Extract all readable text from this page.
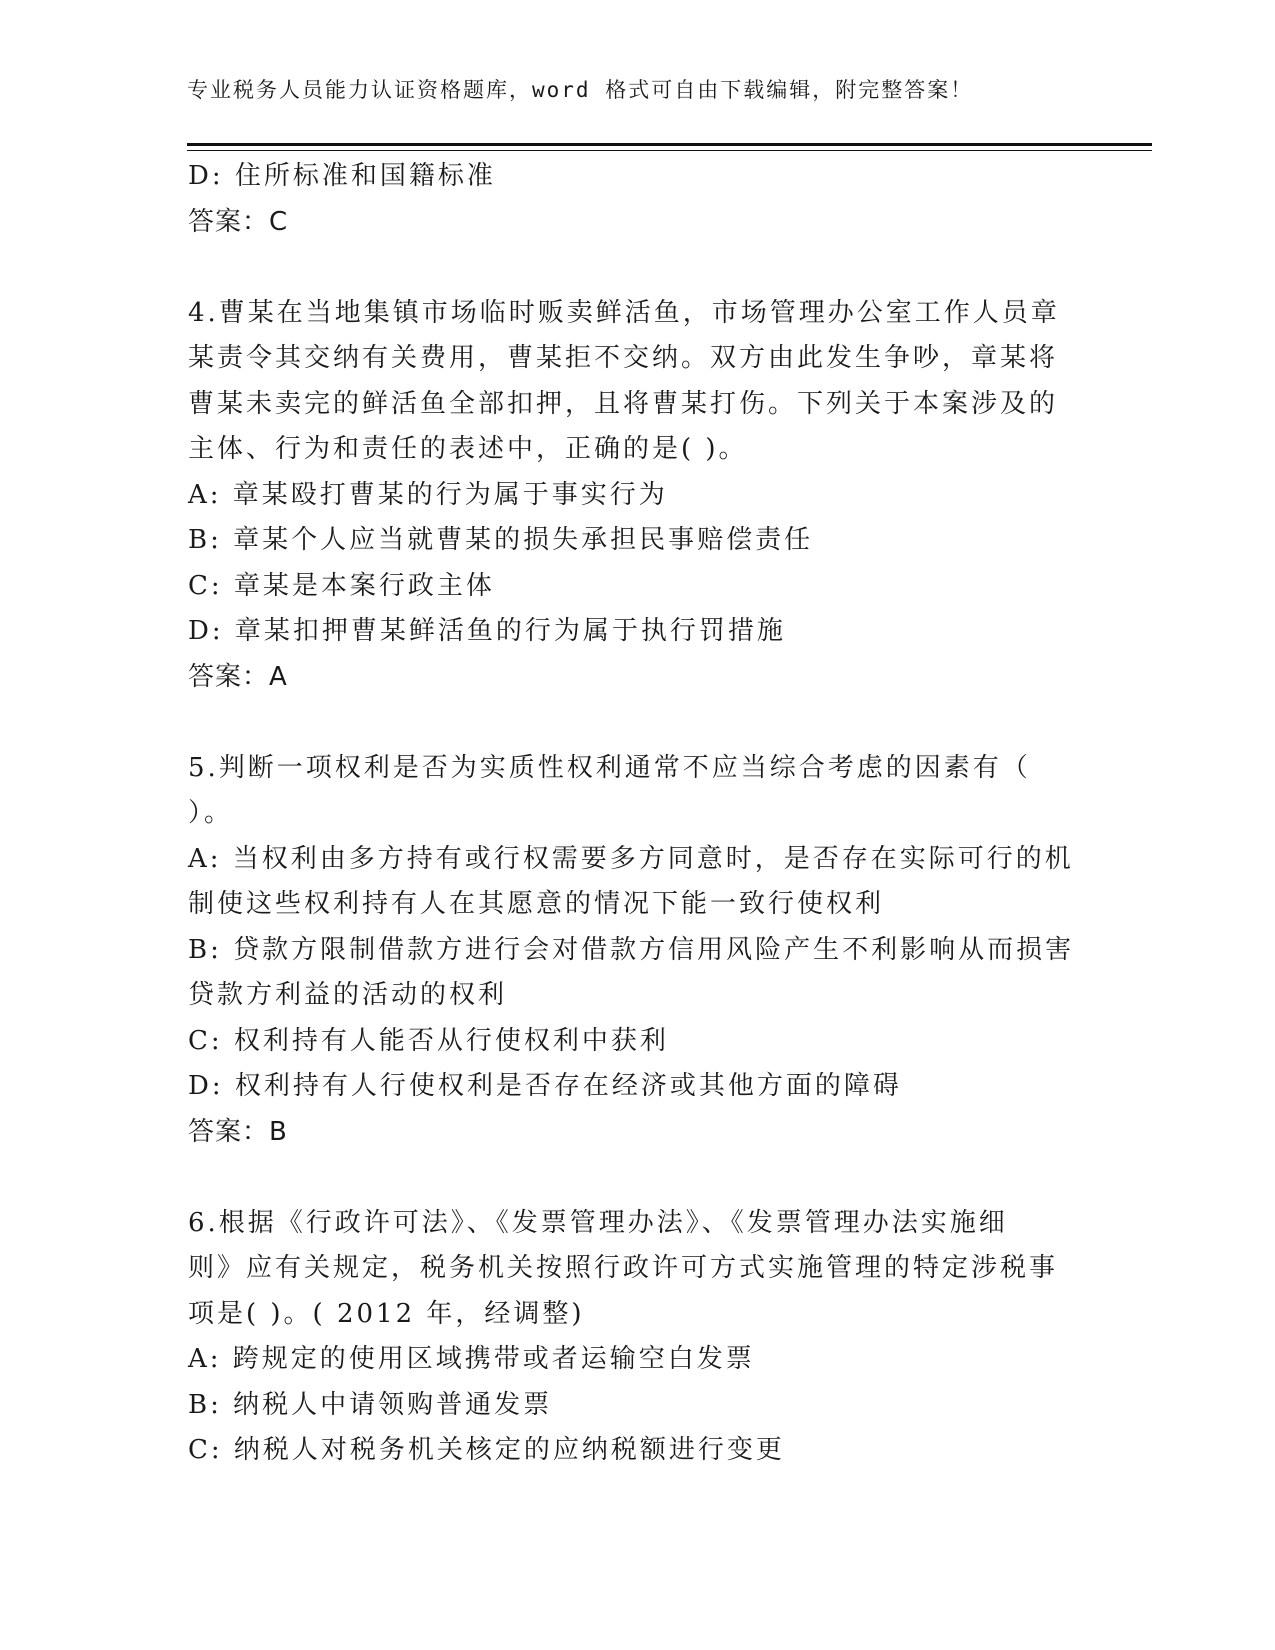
专业税务人员能力认证资格题库，word 格式可自由下载编辑，附完整答案！
D: 住所标准和国籍标准
答案：C
4.曹某在当地集镇市场临时贩卖鲜活鱼，市场管理办公室工作人员章
某责令其交纳有关费用，曹某拒不交纳。双方由此发生争吵，章某将
曹某未卖完的鲜活鱼全部扣押，且将曹某打伤。下列关于本案涉及的
主体、行为和责任的表述中，正确的是( )。
A: 章某殴打曹某的行为属于事实行为
B: 章某个人应当就曹某的损失承担民事赔偿责任
C: 章某是本案行政主体
D: 章某扣押曹某鲜活鱼的行为属于执行罚措施
答案：A
5.判断一项权利是否为实质性权利通常不应当综合考虑的因素有（
）。
A: 当权利由多方持有或行权需要多方同意时，是否存在实际可行的机
制使这些权利持有人在其愿意的情况下能一致行使权利
B: 贷款方限制借款方进行会对借款方信用风险产生不利影响从而损害
贷款方利益的活动的权利
C: 权利持有人能否从行使权利中获利
D: 权利持有人行使权利是否存在经济或其他方面的障碍
答案：B
6.根据《行政许可法》、《发票管理办法》、《发票管理办法实施细
则》应有关规定，税务机关按照行政许可方式实施管理的特定涉税事
项是( )。( 2012 年，经调整)
A: 跨规定的使用区域携带或者运输空白发票
B: 纳税人中请领购普通发票
C: 纳税人对税务机关核定的应纳税额进行变更
